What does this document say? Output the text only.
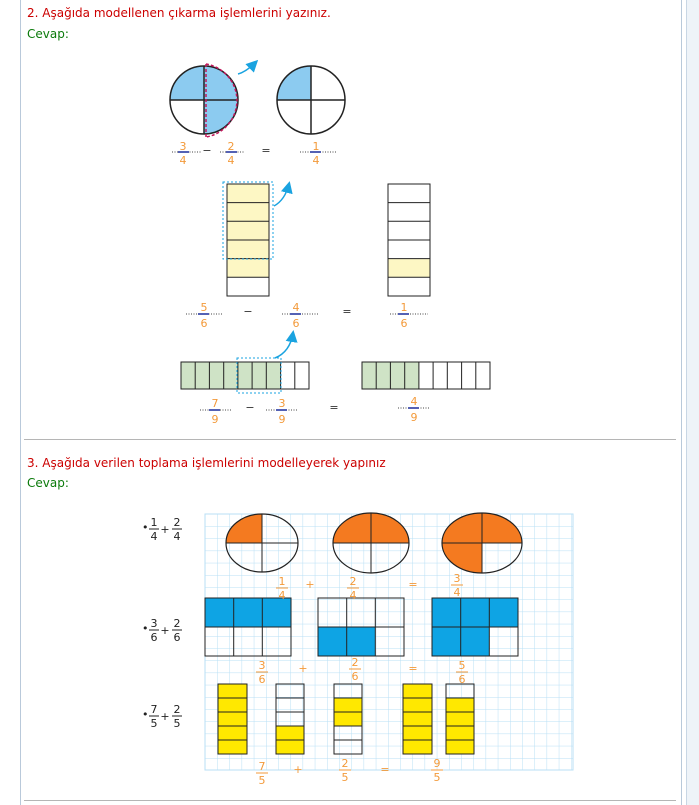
2. Aşağıda modellenen çıkarma işlemlerini yazınız.
Cevap:
3
4
− 2
4
=	1
4
5
6
−	4
6
=	1
6
7
9
− 3
9
=	4
9
3. Aşağıda verilen toplama işlemlerini modelleyerek yapınız
Cevap:
• 1
4
+
2
4
• 3
6
+
2
6
• 7
5
+
2
5
1
4
+	2
4
=	3
4
3
6
+	2
6
=	5
6
7
5
+	2
5
=	9
5
